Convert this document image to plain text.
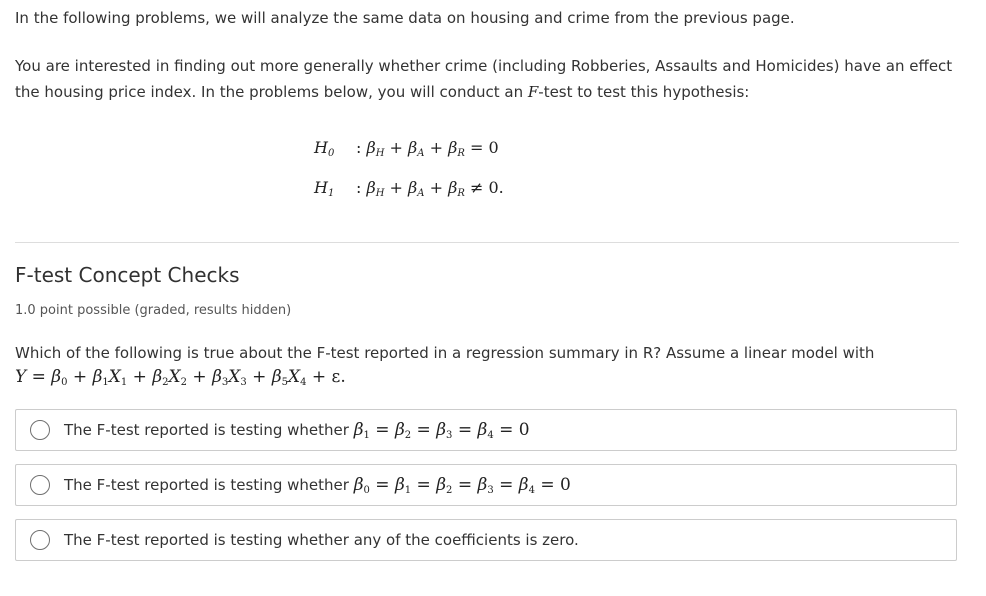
In the following problems, we will analyze the same data on housing and crime from the previous page.

You are interested in finding out more generally whether crime (including Robberies, Assaults and Homicides) have an effect
the housing price index. In the problems below, you will conduct an F-test to test this hypothesis:

$H_0$ : $\beta_H + \beta_A + \beta_R = 0$
$H_1$ : $\beta_H + \beta_A + \beta_R \ne 0$.
F-test Concept Checks
1.0 point possible (graded, results hidden)

Which of the following is true about the F-test reported in a regression summary in R? Assume a linear model with
$Y = \beta_0 + \beta_1X_1 + \beta_2X_2 + \beta_3X_3 + \beta_5X_4 + \varepsilon$.

The F-test reported is testing whether $\beta_1 = \beta_2 = \beta_3 = \beta_4 = 0$
The F-test reported is testing whether $\beta_0 = \beta_1 = \beta_2 = \beta_3 = \beta_4 = 0$
The F-test reported is testing whether any of the coefficients is zero.
